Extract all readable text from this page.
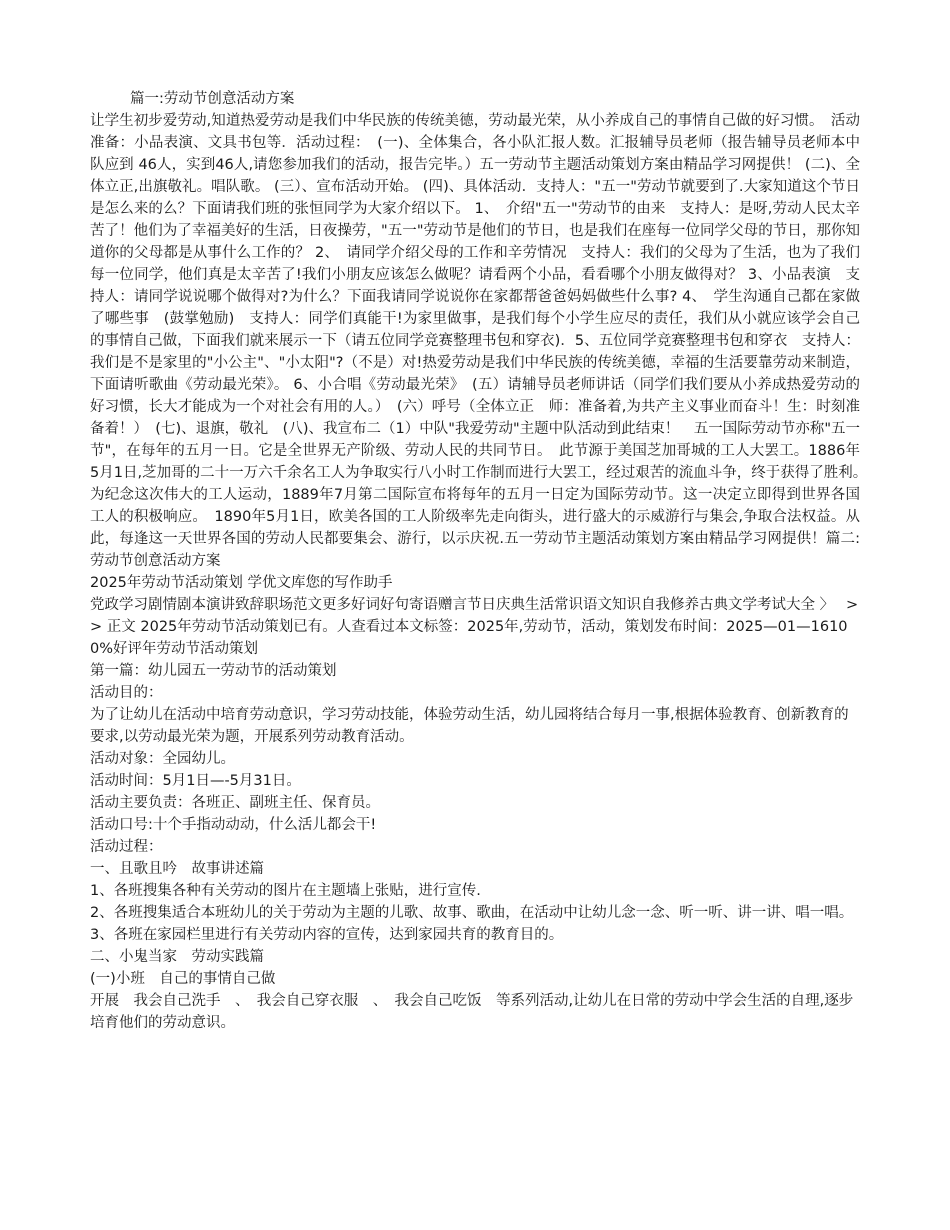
篇一:劳动节创意活动方案

让学生初步爱劳动,知道热爱劳动是我们中华民族的传统美德，劳动最光荣，从小养成自己的事情自己做的好习惯。　活动准备：小品表演、文具书包等．活动过程：　(一)、全体集合，各小队汇报人数。汇报辅导员老师（报告辅导员老师本中队应到 46人，实到46人,请您参加我们的活动，报告完毕。）五一劳动节主题活动策划方案由精品学习网提供！ (二)、全体立正,出旗敬礼。唱队歌。 (三）、宣布活动开始。 (四)、具体活动．支持人："五一"劳动节就要到了.大家知道这个节日是怎么来的么？下面请我们班的张恒同学为大家介绍以下。 1、　介绍"五一"劳动节的由来　支持人：是呀,劳动人民太辛苦了！他们为了幸福美好的生活，日夜操劳，"五一"劳动节是他们的节日，也是我们在座每一位同学父母的节日，那你知道你的父母都是从事什么工作的？ 2、　请同学介绍父母的工作和辛劳情况　支持人：我们的父母为了生活，也为了我们每一位同学，他们真是太辛苦了!我们小朋友应该怎么做呢？请看两个小品，看看哪个小朋友做得对？ 3、小品表演　支持人：请同学说说哪个做得对?为什么？下面我请同学说说你在家都帮爸爸妈妈做些什么事? 4、　学生沟通自己都在家做了哪些事　(鼓掌勉励)　支持人：同学们真能干!为家里做事，是我们每个小学生应尽的责任，我们从小就应该学会自己的事情自己做，下面我们就来展示一下（请五位同学竞赛整理书包和穿衣)．5、五位同学竞赛整理书包和穿衣　支持人：我们是不是家里的"小公主"、"小太阳"?（不是）对!热爱劳动是我们中华民族的传统美德，幸福的生活要靠劳动来制造，下面请听歌曲《劳动最光荣》。 6、小合唱《劳动最光荣》　(五）请辅导员老师讲话（同学们我们要从小养成热爱劳动的好习惯，长大才能成为一个对社会有用的人。）　(六）呼号（全体立正　师：准备着,为共产主义事业而奋斗！生：时刻准备着！）　(七)、退旗，敬礼　(八)、我宣布二（1）中队"我爱劳动"主题中队活动到此结束！　五一国际劳动节亦称"五一节"，在每年的五月一日。它是全世界无产阶级、劳动人民的共同节日。　此节源于美国芝加哥城的工人大罢工。1886年5月1日,芝加哥的二十一万六千余名工人为争取实行八小时工作制而进行大罢工，经过艰苦的流血斗争，终于获得了胜利。　为纪念这次伟大的工人运动，1889年7月第二国际宣布将每年的五月一日定为国际劳动节。这一决定立即得到世界各国工人的积极响应。　1890年5月1日，欧美各国的工人阶级率先走向街头，进行盛大的示威游行与集会,争取合法权益。从此，每逢这一天世界各国的劳动人民都要集会、游行，以示庆祝.五一劳动节主题活动策划方案由精品学习网提供！篇二:劳动节创意活动方案

2025年劳动节活动策划 学优文库您的写作助手

党政学习剧情剧本演讲致辞职场范文更多好词好句寄语赠言节日庆典生活常识语文知识自我修养古典文学考试大全 〉　 >　 > 正文 2025年劳动节活动策划已有。人查看过本文标签：2025年,劳动节，活动，策划发布时间：2025—01—16100%好评年劳动节活动策划

第一篇：幼儿园五一劳动节的活动策划

活动目的：

为了让幼儿在活动中培育劳动意识，学习劳动技能，体验劳动生活，幼儿园将结合每月一事,根据体验教育、创新教育的要求,以劳动最光荣为题，开展系列劳动教育活动。

活动对象：全园幼儿。

活动时间：5月1日—-5月31日。

活动主要负责：各班正、副班主任、保育员。

活动口号:十个手指动动动，什么活儿都会干!

活动过程：

一、且歌且吟　故事讲述篇

1、各班搜集各种有关劳动的图片在主题墙上张贴，进行宣传.

2、各班搜集适合本班幼儿的关于劳动为主题的儿歌、故事、歌曲，在活动中让幼儿念一念、听一听、讲一讲、唱一唱。

3、各班在家园栏里进行有关劳动内容的宣传，达到家园共育的教育目的。

二、小鬼当家　劳动实践篇

(一)小班　自己的事情自己做

开展　我会自己洗手　、　我会自己穿衣服　、　我会自己吃饭　等系列活动,让幼儿在日常的劳动中学会生活的自理,逐步培育他们的劳动意识。
